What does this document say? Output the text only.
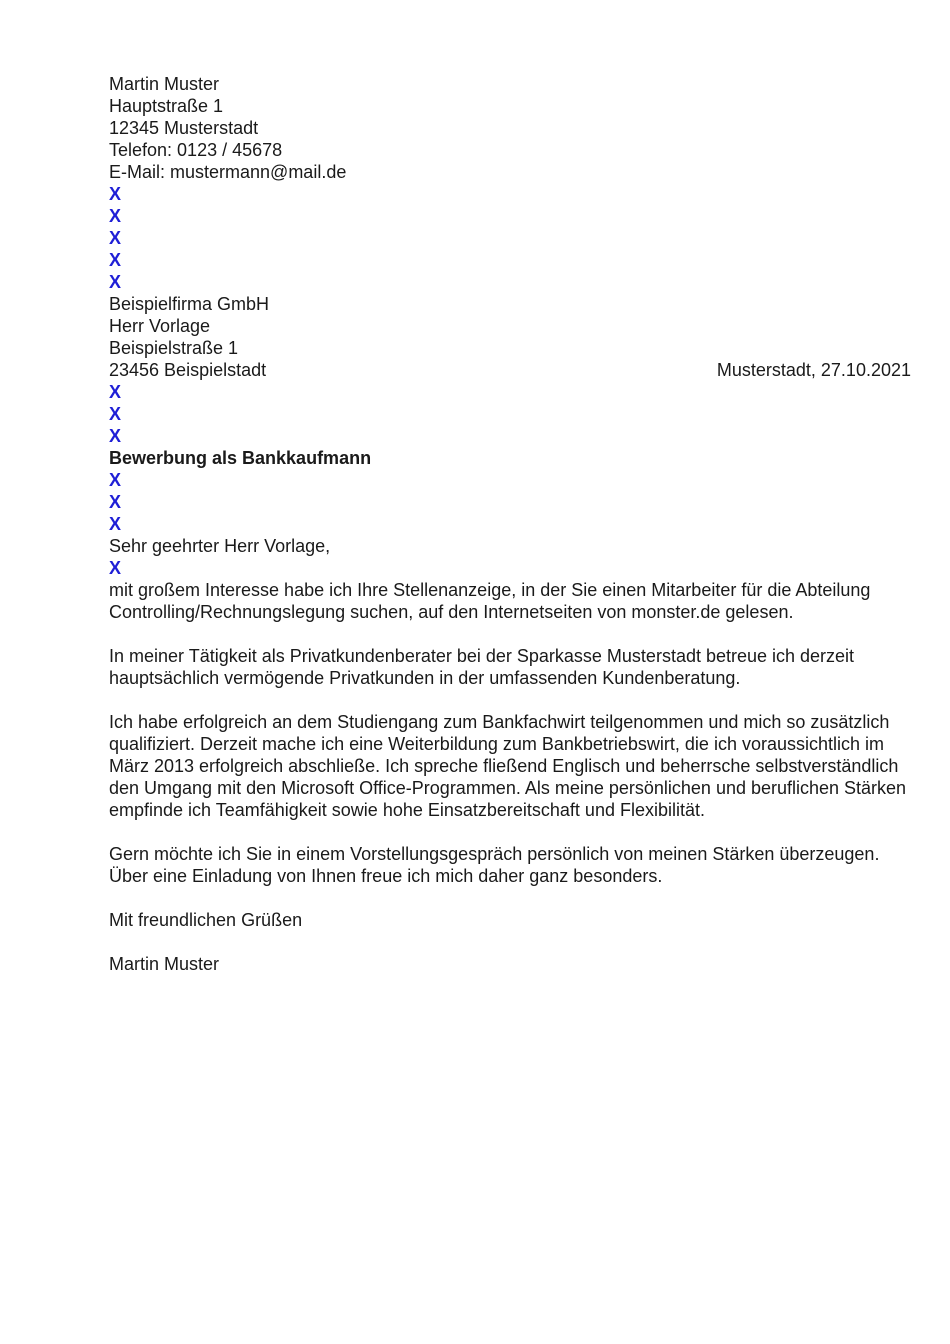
Martin Muster
Hauptstraße 1
12345 Musterstadt
Telefon: 0123 / 45678
E-Mail: mustermann@mail.de
X
X
X
X
X
Beispielfirma GmbH
Herr Vorlage
Beispielstraße 1
23456 Beispielstadt
X
X
X
Bewerbung als Bankkaufmann
X
X
X
Sehr geehrter Herr Vorlage,
X
Musterstadt, 27.10.2021

mit großem Interesse habe ich Ihre Stellenanzeige, in der Sie einen Mitarbeiter für die Abteilung Controlling/Rechnungslegung suchen, auf den Internetseiten von monster.de gelesen.

In meiner Tätigkeit als Privatkundenberater bei der Sparkasse Musterstadt betreue ich derzeit hauptsächlich vermögende Privatkunden in der umfassenden Kundenberatung.

Ich habe erfolgreich an dem Studiengang zum Bankfachwirt teilgenommen und mich so zusätzlich qualifiziert. Derzeit mache ich eine Weiterbildung zum Bankbetriebswirt, die ich voraussichtlich im März 2013 erfolgreich abschließe. Ich spreche fließend Englisch und beherrsche selbstverständlich den Umgang mit den Microsoft Office-Programmen. Als meine persönlichen und beruflichen Stärken empfinde ich Teamfähigkeit sowie hohe Einsatzbereitschaft und Flexibilität.

Gern möchte ich Sie in einem Vorstellungsgespräch persönlich von meinen Stärken überzeugen. Über eine Einladung von Ihnen freue ich mich daher ganz besonders.

Mit freundlichen Grüßen

Martin Muster
